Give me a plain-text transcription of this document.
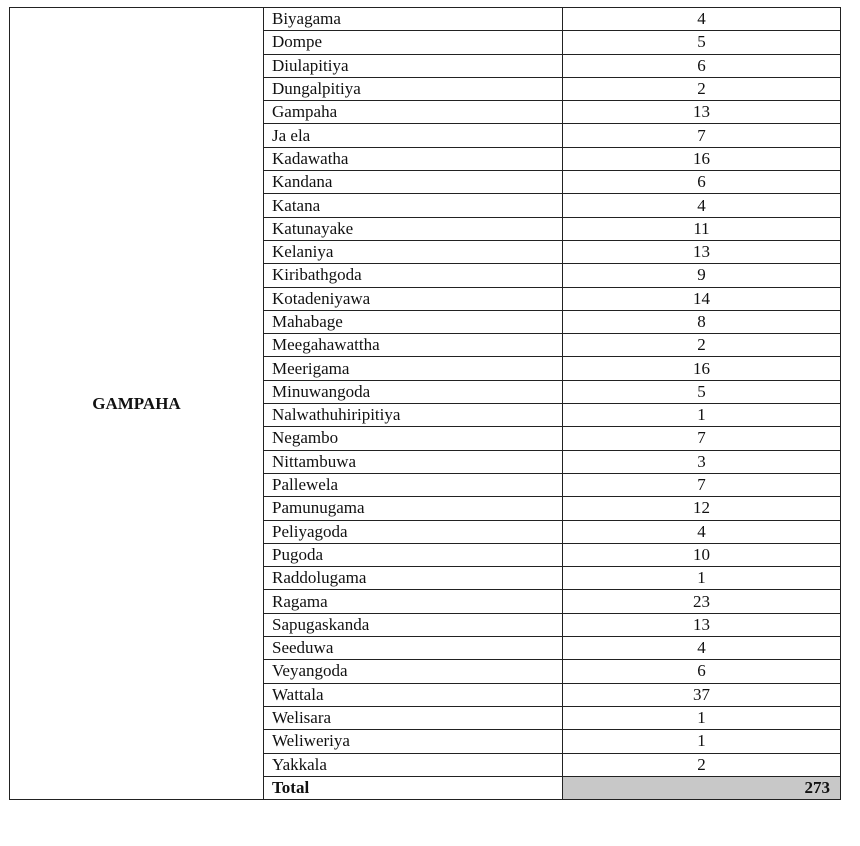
GAMPAHA	Biyagama	4
	Dompe	5
	Diulapitiya	6
	Dungalpitiya	2
	Gampaha	13
	Ja ela	7
	Kadawatha	16
	Kandana	6
	Katana	4
	Katunayake	11
	Kelaniya	13
	Kiribathgoda	9
	Kotadeniyawa	14
	Mahabage	8
	Meegahawattha	2
	Meerigama	16
	Minuwangoda	5
	Nalwathuhiripitiya	1
	Negambo	7
	Nittambuwa	3
	Pallewela	7
	Pamunugama	12
	Peliyagoda	4
	Pugoda	10
	Raddolugama	1
	Ragama	23
	Sapugaskanda	13
	Seeduwa	4
	Veyangoda	6
	Wattala	37
	Welisara	1
	Weliweriya	1
	Yakkala	2
	Total	273
